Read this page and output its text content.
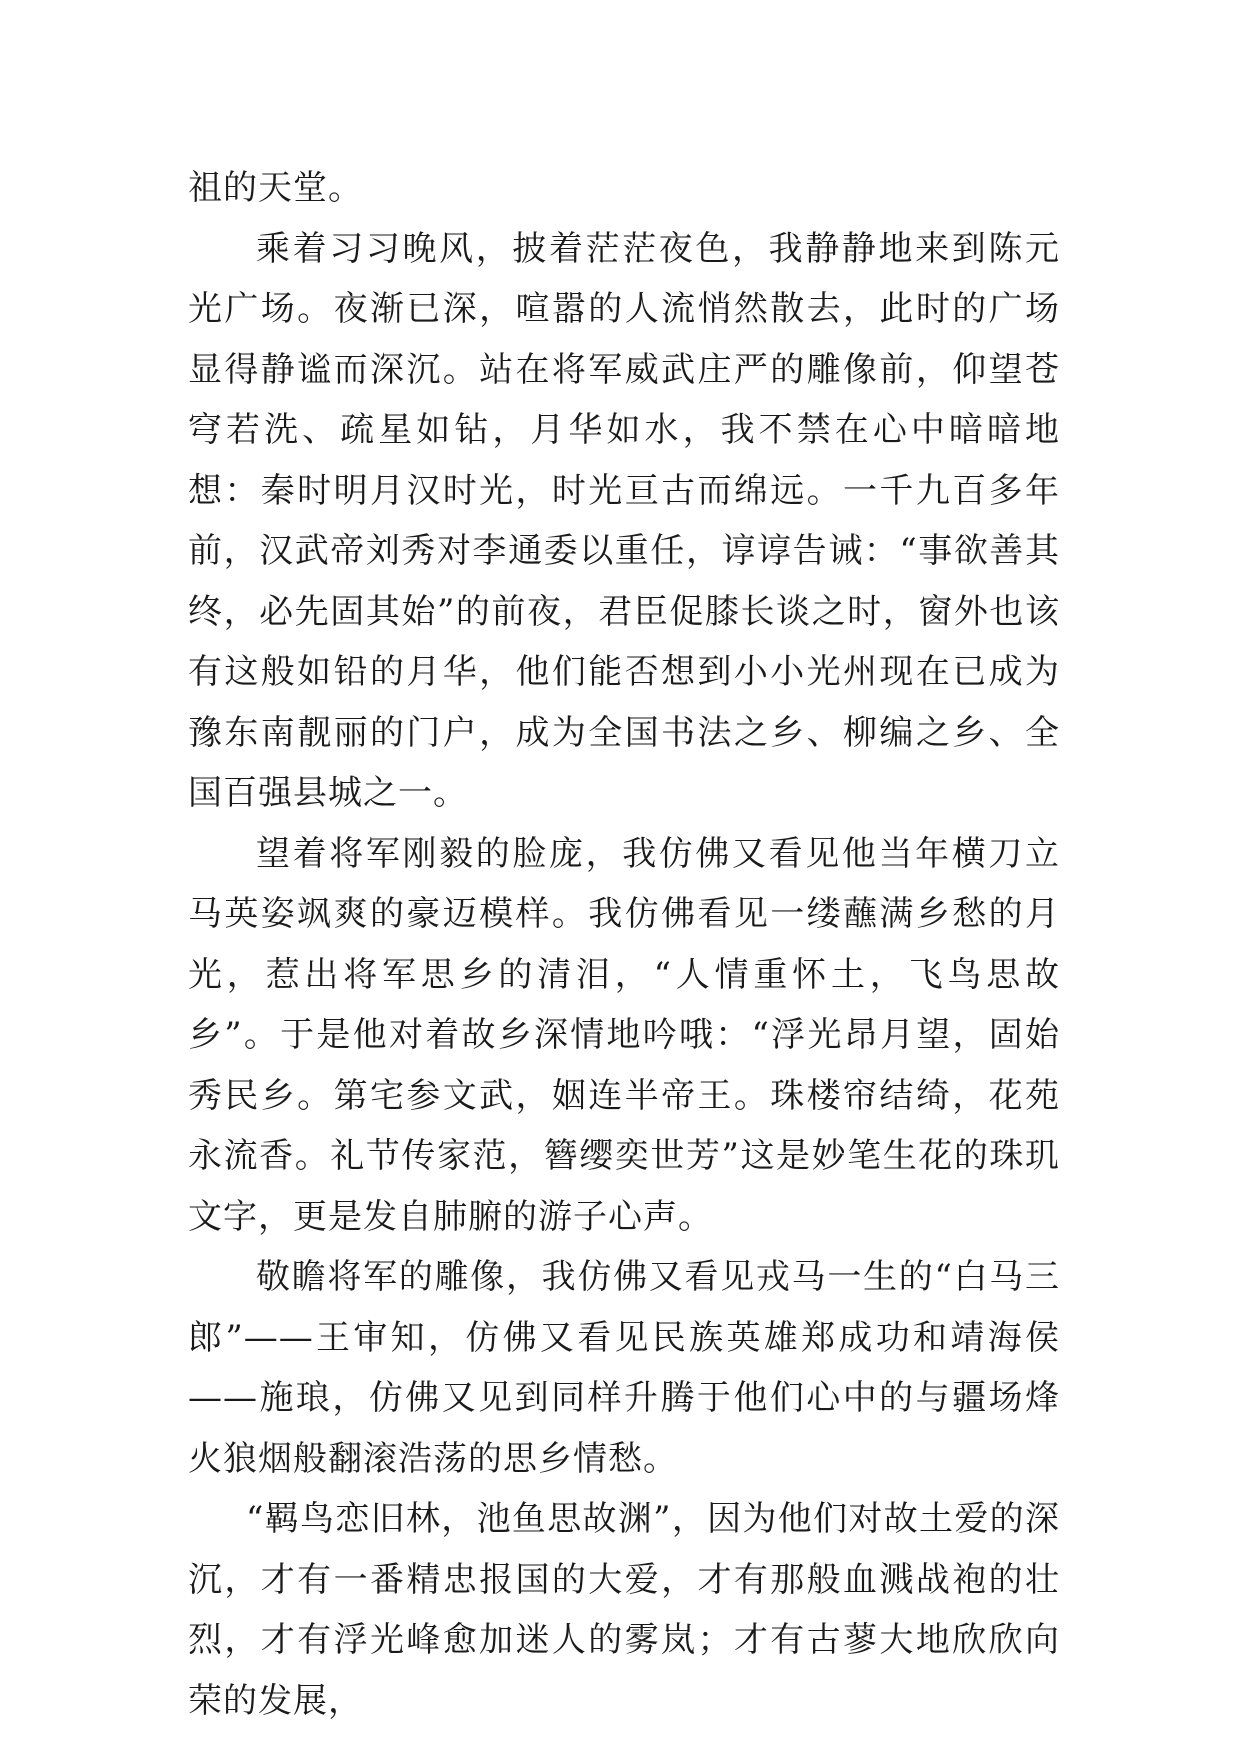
祖的天堂。

乘着习习晚风，披着茫茫夜色，我静静地来到陈元光广场。夜渐已深，喧嚣的人流悄然散去，此时的广场显得静谧而深沉。站在将军威武庄严的雕像前，仰望苍穹若洗、疏星如钻，月华如水，我不禁在心中暗暗地想：秦时明月汉时光，时光亘古而绵远。一千九百多年前，汉武帝刘秀对李通委以重任，谆谆告诫：“事欲善其终，必先固其始”的前夜，君臣促膝长谈之时，窗外也该有这般如铅的月华，他们能否想到小小光州现在已成为豫东南靓丽的门户，成为全国书法之乡、柳编之乡、全国百强县城之一。

望着将军刚毅的脸庞，我仿佛又看见他当年横刀立马英姿飒爽的豪迈模样。我仿佛看见一缕蘸满乡愁的月光，惹出将军思乡的清泪，“人情重怀土，飞鸟思故乡”。于是他对着故乡深情地吟哦：“浮光昂月望，固始秀民乡。第宅参文武，姻连半帝王。珠楼帘结绮，花苑永流香。礼节传家范，簪缨奕世芳”这是妙笔生花的珠玑文字，更是发自肺腑的游子心声。

敬瞻将军的雕像，我仿佛又看见戎马一生的“白马三郎”——王审知，仿佛又看见民族英雄郑成功和靖海侯——施琅，仿佛又见到同样升腾于他们心中的与疆场烽火狼烟般翻滚浩荡的思乡情愁。

“羁鸟恋旧林，池鱼思故渊”，因为他们对故土爱的深沉，才有一番精忠报国的大爱，才有那般血溅战袍的壮烈，才有浮光峰愈加迷人的雾岚；才有古蓼大地欣欣向荣的发展，
